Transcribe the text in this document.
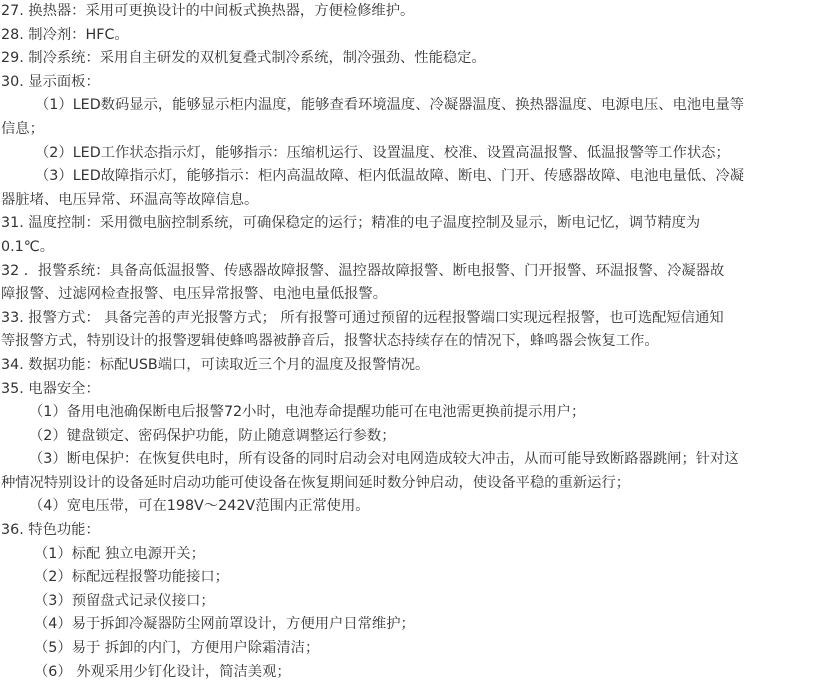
27. 换热器：采用可更换设计的中间板式换热器，方便检修维护。
28. 制冷剂：HFC。
29. 制冷系统：采用自主研发的双机复叠式制冷系统，制冷强劲、性能稳定。
30. 显示面板：
（1）LED数码显示，能够显示柜内温度，能够查看环境温度、冷凝器温度、换热器温度、电源电压、电池电量等
信息；
（2）LED工作状态指示灯，能够指示：压缩机运行、设置温度、校准、设置高温报警、低温报警等工作状态；
（3）LED故障指示灯，能够指示：柜内高温故障、柜内低温故障、断电、门开、传感器故障、电池电量低、冷凝
器脏堵、电压异常、环温高等故障信息。
31. 温度控制：采用微电脑控制系统，可确保稳定的运行；精准的电子温度控制及显示，断电记忆，调节精度为
0.1℃。
32 ．报警系统：具备高低温报警、传感器故障报警、温控器故障报警、断电报警、门开报警、环温报警、冷凝器故
障报警、过滤网检查报警、电压异常报警、电池电量低报警。
33. 报警方式： 具备完善的声光报警方式； 所有报警可通过预留的远程报警端口实现远程报警，也可选配短信通知
等报警方式，特别设计的报警逻辑使蜂鸣器被静音后，报警状态持续存在的情况下，蜂鸣器会恢复工作。
34. 数据功能：标配USB端口，可读取近三个月的温度及报警情况。
35. 电器安全：
（1）备用电池确保断电后报警72小时，电池寿命提醒功能可在电池需更换前提示用户；
（2）键盘锁定、密码保护功能，防止随意调整运行参数；
（3）断电保护：在恢复供电时，所有设备的同时启动会对电网造成较大冲击，从而可能导致断路器跳闸；针对这
种情况特别设计的设备延时启动功能可使设备在恢复期间延时数分钟启动，使设备平稳的重新运行；
（4）宽电压带，可在198V～242V范围内正常使用。
36. 特色功能：
（1）标配 独立电源开关；
（2）标配远程报警功能接口；
（3）预留盘式记录仪接口；
（4）易于拆卸冷凝器防尘网前罩设计，方便用户日常维护；
（5）易于 拆卸的内门，方便用户除霜清洁；
（6） 外观采用少钉化设计，简洁美观；
